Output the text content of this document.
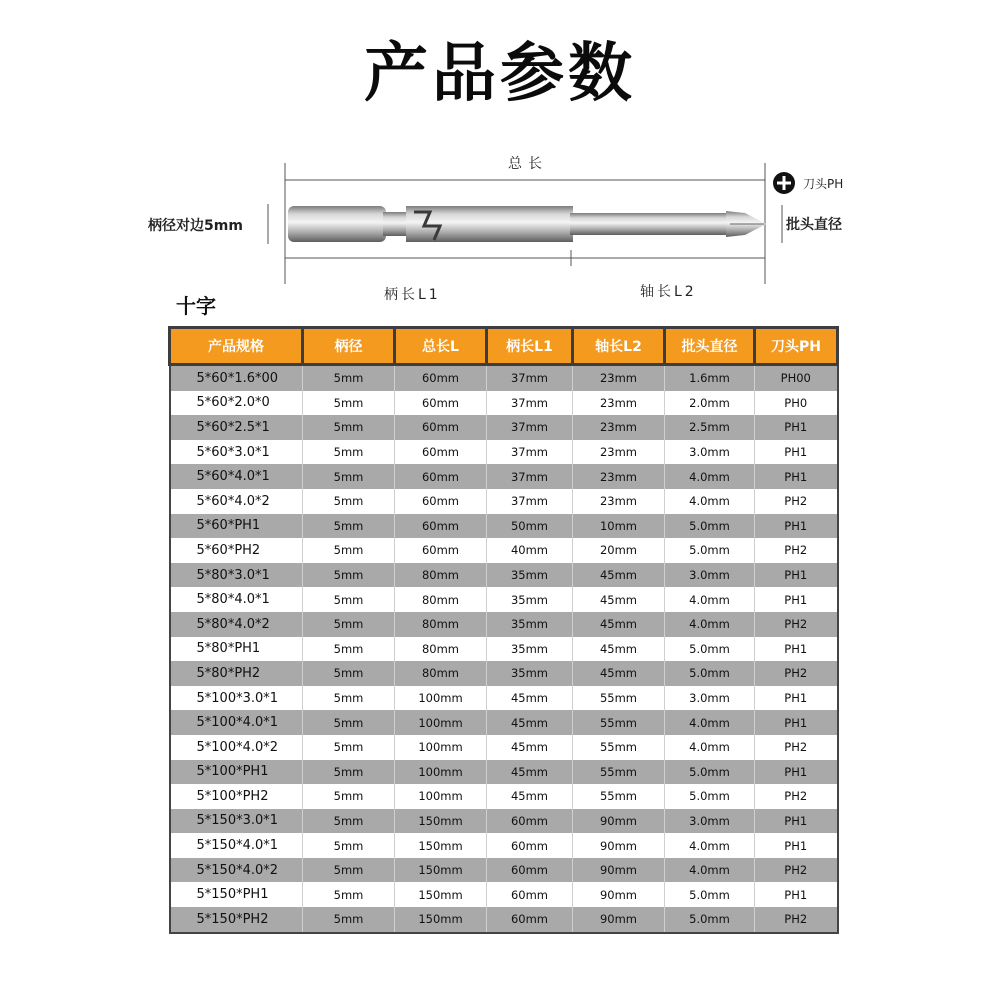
产品参数
总长
刀头PH
柄径对边5mm	批头直径
柄长L1	轴长L2
十字
产品规格	柄径	总长L	柄长L1	轴长L2	批头直径	刀头PH
5*60*1.6*00	5mm	60mm	37mm	23mm	1.6mm	PH00
5*60*2.0*0	5mm	60mm	37mm	23mm	2.0mm	PH0
5*60*2.5*1	5mm	60mm	37mm	23mm	2.5mm	PH1
5*60*3.0*1	5mm	60mm	37mm	23mm	3.0mm	PH1
5*60*4.0*1	5mm	60mm	37mm	23mm	4.0mm	PH1
5*60*4.0*2	5mm	60mm	37mm	23mm	4.0mm	PH2
5*60*PH1	5mm	60mm	50mm	10mm	5.0mm	PH1
5*60*PH2	5mm	60mm	40mm	20mm	5.0mm	PH2
5*80*3.0*1	5mm	80mm	35mm	45mm	3.0mm	PH1
5*80*4.0*1	5mm	80mm	35mm	45mm	4.0mm	PH1
5*80*4.0*2	5mm	80mm	35mm	45mm	4.0mm	PH2
5*80*PH1	5mm	80mm	35mm	45mm	5.0mm	PH1
5*80*PH2	5mm	80mm	35mm	45mm	5.0mm	PH2
5*100*3.0*1	5mm	100mm	45mm	55mm	3.0mm	PH1
5*100*4.0*1	5mm	100mm	45mm	55mm	4.0mm	PH1
5*100*4.0*2	5mm	100mm	45mm	55mm	4.0mm	PH2
5*100*PH1	5mm	100mm	45mm	55mm	5.0mm	PH1
5*100*PH2	5mm	100mm	45mm	55mm	5.0mm	PH2
5*150*3.0*1	5mm	150mm	60mm	90mm	3.0mm	PH1
5*150*4.0*1	5mm	150mm	60mm	90mm	4.0mm	PH1
5*150*4.0*2	5mm	150mm	60mm	90mm	4.0mm	PH2
5*150*PH1	5mm	150mm	60mm	90mm	5.0mm	PH1
5*150*PH2	5mm	150mm	60mm	90mm	5.0mm	PH2
